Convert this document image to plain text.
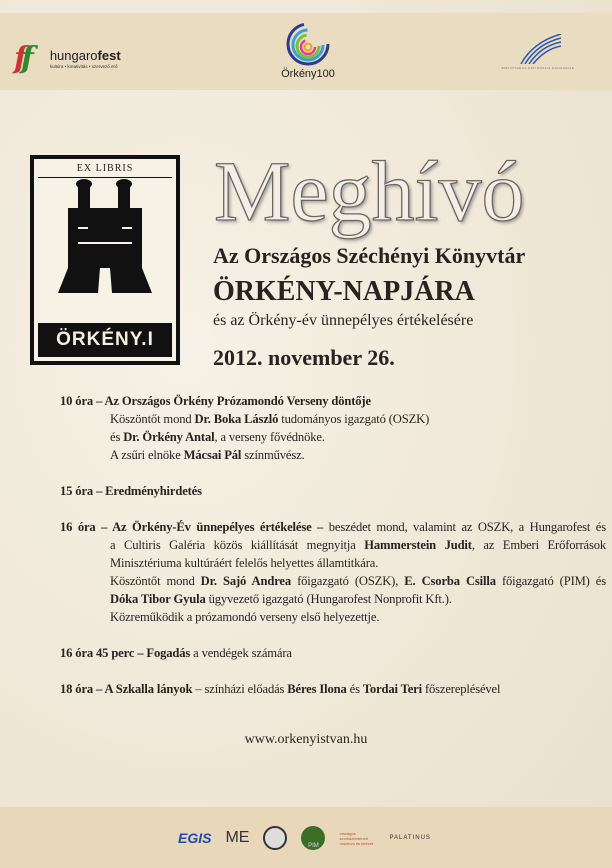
ff	hungarofest
kultúra • kreativitás • szervező erő
Örkény100	BIBLIOTHECA NATIONALIS HUNGARIAE
EX LIBRIS
ÖRKÉNY.I
Meghívó
Az Országos Széchényi Könyvtár
ÖRKÉNY-NAPJÁRA
és az Örkény-év ünnepélyes értékelésére
2012. november 26.
10 óra – Az Országos Örkény Prózamondó Verseny döntője
Köszöntőt mond Dr. Boka László tudományos igazgató (OSZK)
és Dr. Örkény Antal, a verseny fővédnöke.
A zsűri elnöke Mácsai Pál színművész.
15 óra – Eredményhirdetés
16 óra – Az Örkény-Év ünnepélyes értékelése – beszédet mond, valamint az OSZK, a Hungarofest és
a Cultiris Galéria közös kiállítását megnyitja Hammerstein Judit, az Emberi Erőforrások
Minisztériuma kultúráért felelős helyettes államtitkára.
Köszöntőt mond Dr. Sajó Andrea főigazgató (OSZK), E. Csorba Csilla főigazgató (PIM) és
Dóka Tibor Gyula ügyvezető igazgató (Hungarofest Nonprofit Kft.).
Közreműködik a prózamondó verseny első helyezettje.
16 óra 45 perc – Fogadás a vendégek számára
18 óra – A Szkalla lányok – színházi előadás Béres Ilona és Tordai Teri főszereplésével
www.orkenyistvan.hu
EGIS ME	PIM
országos színháztörténeti múzeum és intézet
PALATINUS
